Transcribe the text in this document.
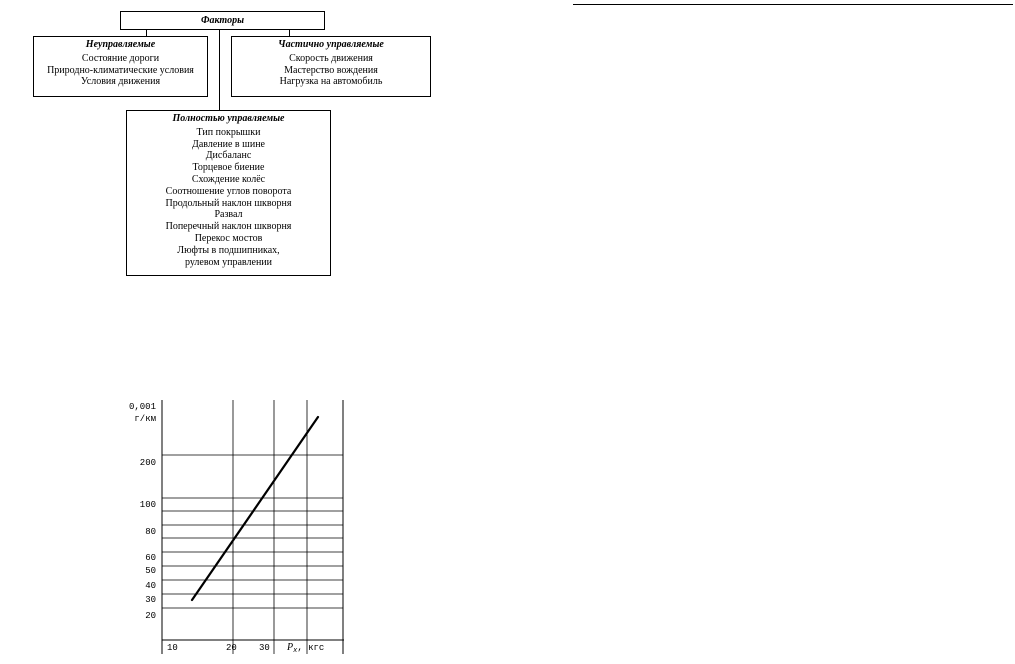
Факторы
Неуправляемые
Состояние дороги
Природно-климатические условия
Условия движения
Частично управляемые
Скорость движения
Мастерство вождения
Нагрузка на автомобиль
Полностью управляемые
Тип покрышки
Давление в шине
Дисбаланс
Торцевое биение
Схождение колёс
Соотношение углов поворота
Продольный наклон шкворня
Развал
Поперечный наклон шкворня
Перекос мостов
Люфты в подшипниках,
рулевом управлении
0,001
г/км
200
100
80
60
50
40
30
20
10	20 30 $P_x$, кгс
